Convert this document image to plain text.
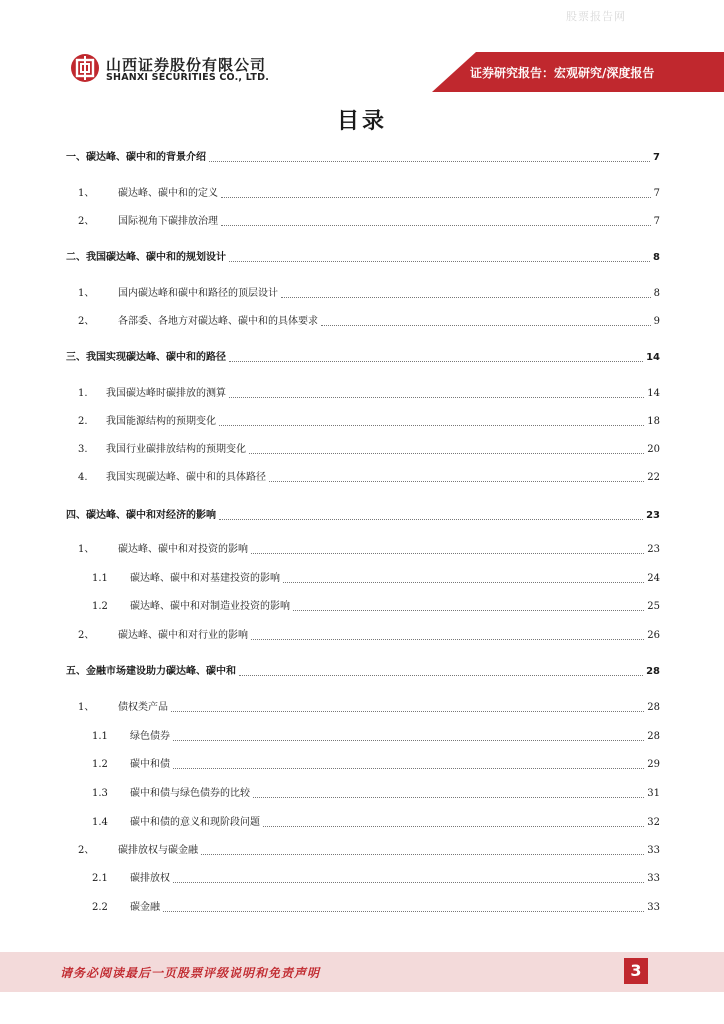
股票报告网
山西证券股份有限公司
SHANXI SECURITIES CO., LTD.	证券研究报告：宏观研究/深度报告
目录
一、碳达峰、碳中和的背景介绍	7
1、 碳达峰、碳中和的定义	7
2、 国际视角下碳排放治理	7
二、我国碳达峰、碳中和的规划设计	8
1、 国内碳达峰和碳中和路径的顶层设计	8
2、 各部委、各地方对碳达峰、碳中和的具体要求	9
三、我国实现碳达峰、碳中和的路径	14
1. 我国碳达峰时碳排放的测算	14
2. 我国能源结构的预期变化	18
3. 我国行业碳排放结构的预期变化	20
4. 我国实现碳达峰、碳中和的具体路径	22
四、碳达峰、碳中和对经济的影响	23
1、 碳达峰、碳中和对投资的影响	23
1.1 碳达峰、碳中和对基建投资的影响	24
1.2 碳达峰、碳中和对制造业投资的影响	25
2、 碳达峰、碳中和对行业的影响	26
五、金融市场建设助力碳达峰、碳中和	28
1、 债权类产品	28
1.1 绿色债券	28
1.2 碳中和债	29
1.3 碳中和债与绿色债券的比较	31
1.4 碳中和债的意义和现阶段问题	32
2、 碳排放权与碳金融	33
2.1 碳排放权	33
2.2 碳金融	33
请务必阅读最后一页股票评级说明和免责声明	3
